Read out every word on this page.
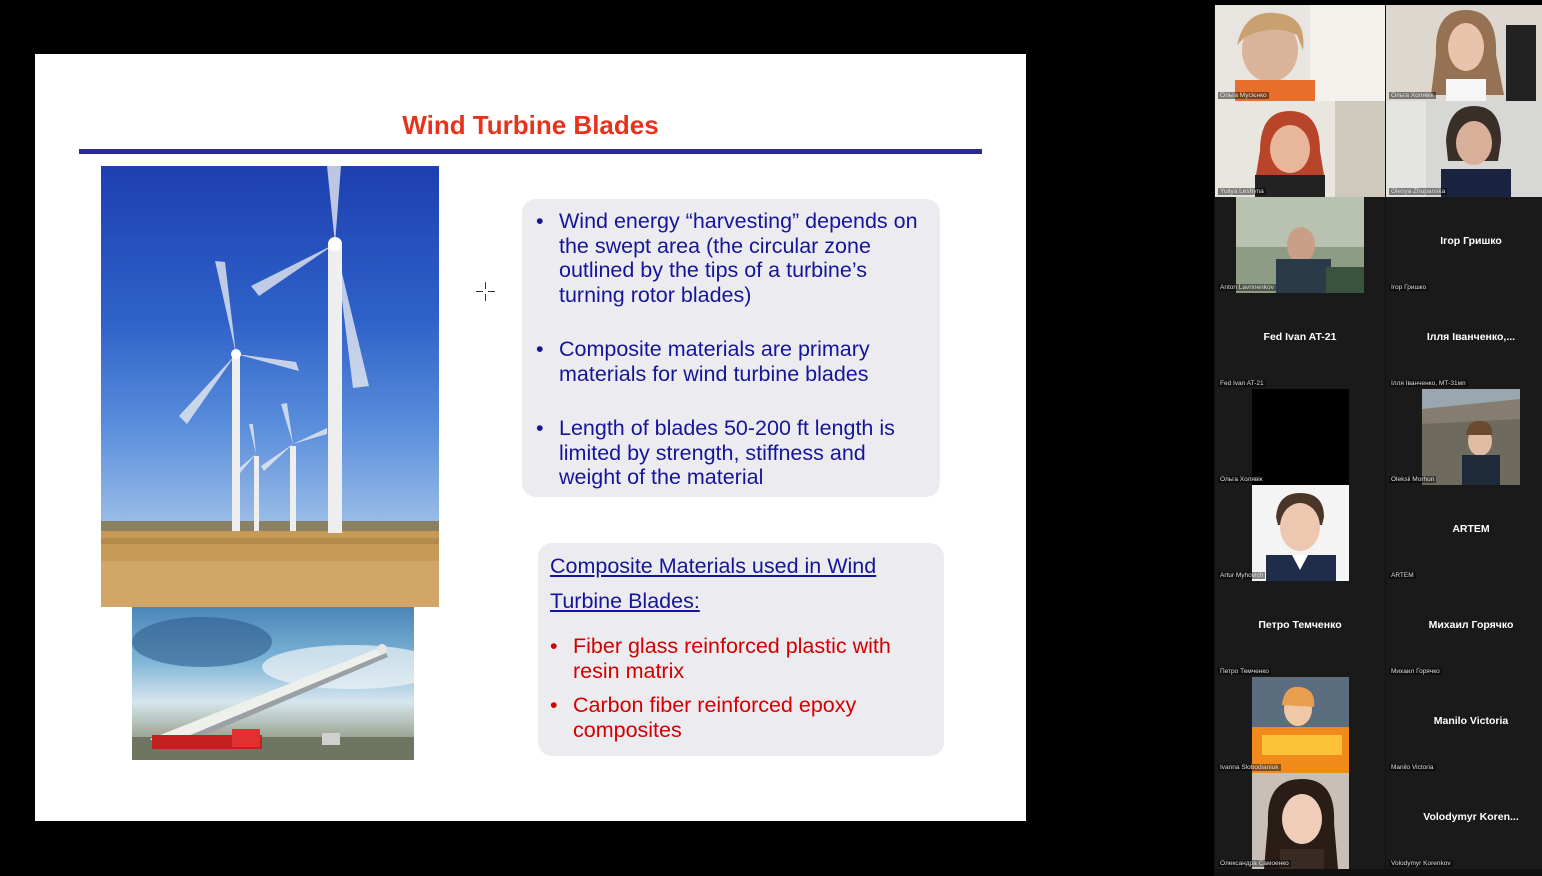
Wind Turbine Blades
• Wind energy “harvesting” depends on the swept area (the circular zone outlined by the tips of a turbine’s turning rotor blades)
• Composite materials are primary materials for wind turbine blades
• Length of blades 50-200 ft length is limited by strength, stiffness and weight of the material
Composite Materials used in Wind Turbine Blades:
• Fiber glass reinforced plastic with resin matrix
• Carbon fiber reinforced epoxy composites
Ольга Мусієнко	Ольга Холявік
Yuliya Leshyna	Olesya Zhupanska
Anton Lavrinenkov
Ігор Гришко
Ігор Гришко
Fed Ivan AT-21
Fed Ivan AT-21
Ілля Іванченко,...
Ілля Іванченко, МТ-31мп
Ольга Холявік	Oleksii Morhun
Artur Myhovich
ARTEM
ARTEM
Петро Темченко
Петро Темченко
Михаил Горячко
Михаил Горячко
Ivanna Slobodianiuk
Manilo Victoria
Manilo Victoria
Олександра Самоенко
Volodymyr Koren...
Volodymyr Korenkov
